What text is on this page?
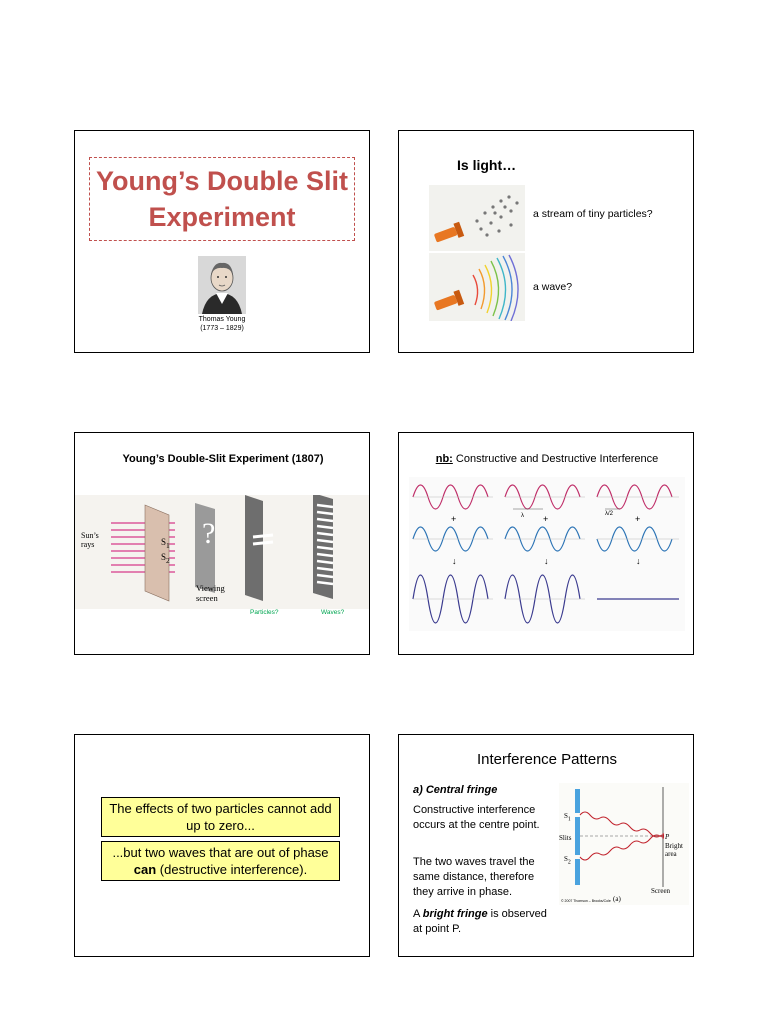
Young’s Double Slit
Experiment
Thomas Young
(1773 – 1829)
Is light…
a stream of tiny particles?
a wave?
Young’s Double-Slit Experiment (1807)
Sun’s rays	$S_1$
$S_2$
?
Viewing screen
Particles?	Waves?
nb: Constructive and Destructive Interference
+	+	+
λ	λ/2
↓	↓	↓
The effects of two particles cannot add up to zero...
...but two waves that are out of phase can (destructive interference).
Interference Patterns
a) Central fringe
Constructive interference occurs at the centre point.
The two waves travel the same distance, therefore they arrive in phase.
A bright fringe is observed at point P.
$S_1$
Slits
$S_2$
P
Bright area
Screen
(a)
© 2007 Thomson – Brooks/Cole
